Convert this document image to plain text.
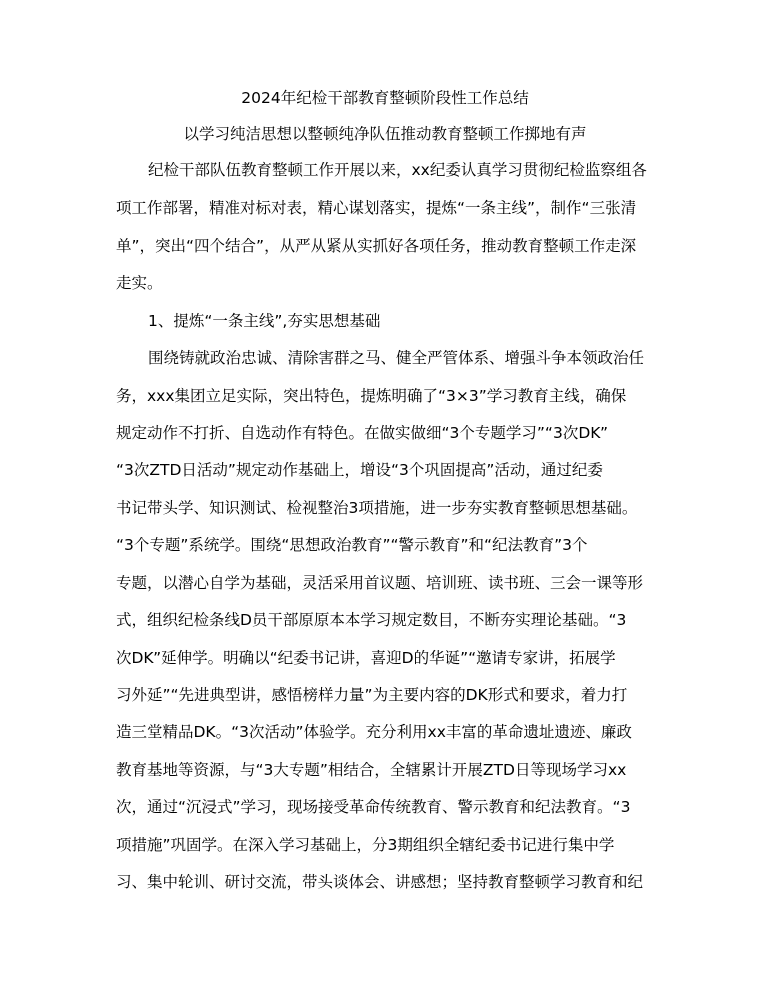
2024年纪检干部教育整顿阶段性工作总结
以学习纯洁思想以整顿纯净队伍推动教育整顿工作掷地有声
纪检干部队伍教育整顿工作开展以来，xx纪委认真学习贯彻纪检监察组各
项工作部署，精准对标对表，精心谋划落实，提炼“一条主线”，制作“三张清
单”，突出“四个结合”，从严从紧从实抓好各项任务，推动教育整顿工作走深
走实。
1、提炼“一条主线”,夯实思想基础
围绕铸就政治忠诚、清除害群之马、健全严管体系、增强斗争本领政治任
务，xxx集团立足实际，突出特色，提炼明确了“3×3”学习教育主线，确保
规定动作不打折、自选动作有特色。在做实做细“3个专题学习”“3次DK”
“3次ZTD日活动”规定动作基础上，增设“3个巩固提高”活动，通过纪委
书记带头学、知识测试、检视整治3项措施，进一步夯实教育整顿思想基础。
“3个专题”系统学。围绕“思想政治教育”“警示教育”和“纪法教育”3个
专题，以潜心自学为基础，灵活采用首议题、培训班、读书班、三会一课等形
式，组织纪检条线D员干部原原本本学习规定数目，不断夯实理论基础。“3
次DK”延伸学。明确以“纪委书记讲，喜迎D的华诞”“邀请专家讲，拓展学
习外延”“先进典型讲，感悟榜样力量”为主要内容的DK形式和要求，着力打
造三堂精品DK。“3次活动”体验学。充分利用xx丰富的革命遗址遗迹、廉政
教育基地等资源，与“3大专题”相结合，全辖累计开展ZTD日等现场学习xx
次，通过“沉浸式”学习，现场接受革命传统教育、警示教育和纪法教育。“3
项措施”巩固学。在深入学习基础上，分3期组织全辖纪委书记进行集中学
习、集中轮训、研讨交流，带头谈体会、讲感想；坚持教育整顿学习教育和纪
